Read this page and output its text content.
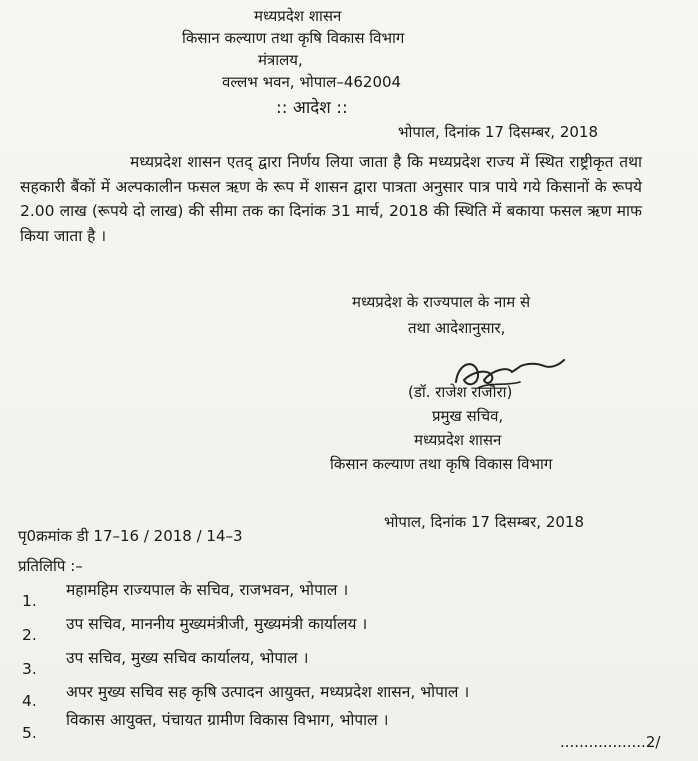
मध्यप्रदेश शासन
किसान कल्याण तथा कृषि विकास विभाग
मंत्रालय,
वल्लभ भवन, भोपाल–462004
:: आदेश ::
भोपाल, दिनांक 17 दिसम्बर, 2018
मध्यप्रदेश शासन एतद् द्वारा निर्णय लिया जाता है कि मध्यप्रदेश राज्य में स्थित राष्ट्रीकृत तथा सहकारी बैंकों में अल्पकालीन फसल ऋण के रूप में शासन द्वारा पात्रता अनुसार पात्र पाये गये किसानों के रूपये 2.00 लाख (रूपये दो लाख) की सीमा तक का दिनांक 31 मार्च, 2018 की स्थिति में बकाया फसल ऋण माफ किया जाता है ।
मध्यप्रदेश के राज्यपाल के नाम से
तथा आदेशानुसार,
(डॉ. राजेश राजौरा)
प्रमुख सचिव,
मध्यप्रदेश शासन
किसान कल्याण तथा कृषि विकास विभाग
पृ0क्रमांक डी 17–16 / 2018 / 14–3
भोपाल, दिनांक 17 दिसम्बर, 2018
प्रतिलिपि :–
1.
महामहिम राज्यपाल के सचिव, राजभवन, भोपाल ।
2.
उप सचिव, माननीय मुख्यमंत्रीजी, मुख्यमंत्री कार्यालय ।
3.
उप सचिव, मुख्य सचिव कार्यालय, भोपाल ।
4. अपर मुख्य सचिव सह कृषि उत्पादन आयुक्त, मध्यप्रदेश शासन, भोपाल ।
5.
विकास आयुक्त, पंचायत ग्रामीण विकास विभाग, भोपाल ।
..................2/
